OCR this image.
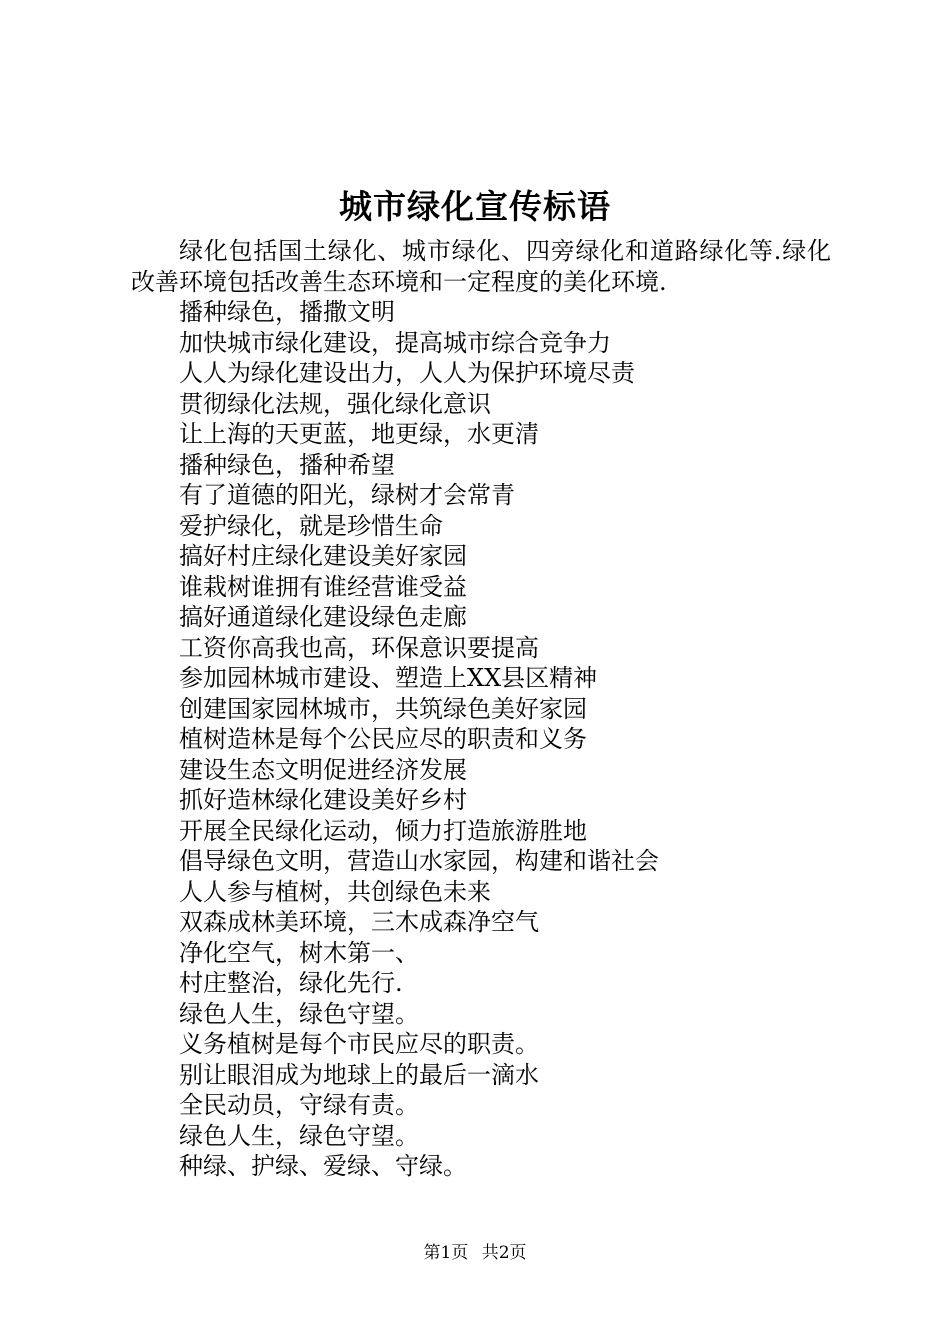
城市绿化宣传标语

绿化包括国土绿化、城市绿化、四旁绿化和道路绿化等.绿化改善环境包括改善生态环境和一定程度的美化环境.

播种绿色，播撒文明
加快城市绿化建设，提高城市综合竞争力
人人为绿化建设出力，人人为保护环境尽责
贯彻绿化法规，强化绿化意识
让上海的天更蓝，地更绿，水更清
播种绿色，播种希望
有了道德的阳光，绿树才会常青
爱护绿化，就是珍惜生命
搞好村庄绿化建设美好家园
谁栽树谁拥有谁经营谁受益
搞好通道绿化建设绿色走廊
工资你高我也高，环保意识要提高
参加园林城市建设、塑造上XX县区精神
创建国家园林城市，共筑绿色美好家园
植树造林是每个公民应尽的职责和义务
建设生态文明促进经济发展
抓好造林绿化建设美好乡村
开展全民绿化运动，倾力打造旅游胜地
倡导绿色文明，营造山水家园，构建和谐社会
人人参与植树，共创绿色未来
双森成林美环境，三木成森净空气
净化空气，树木第一、
村庄整治，绿化先行.
绿色人生，绿色守望。
义务植树是每个市民应尽的职责。
别让眼泪成为地球上的最后一滴水
全民动员，守绿有责。
绿色人生，绿色守望。
种绿、护绿、爱绿、守绿。
第1页 共2页
